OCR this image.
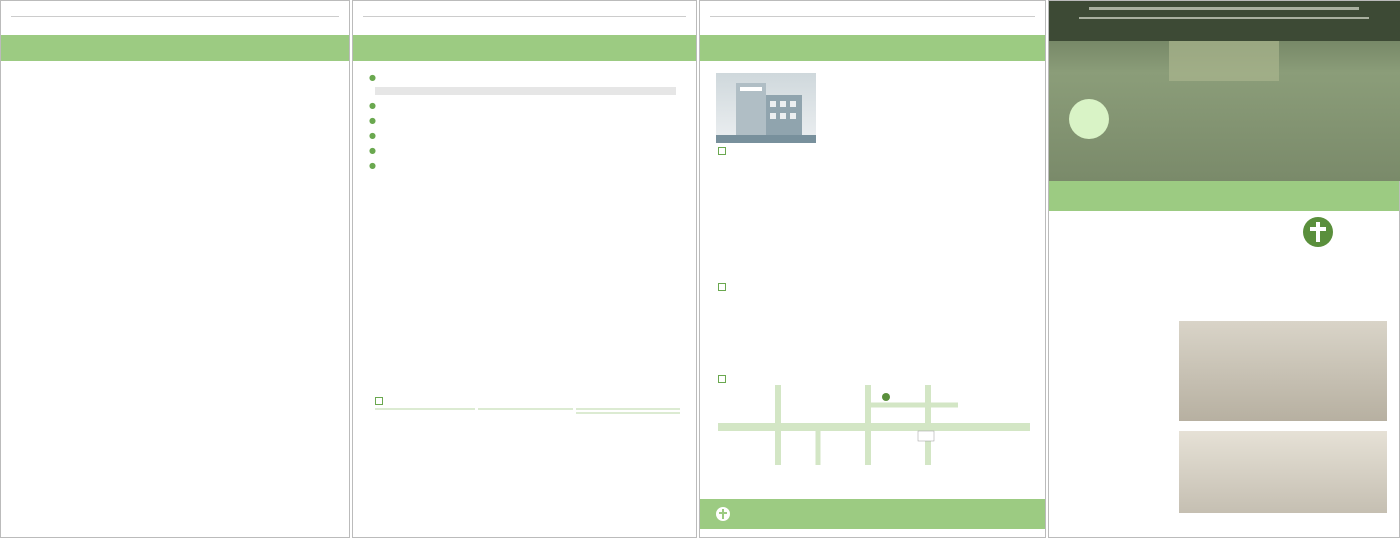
●
●
●
●
●
●
